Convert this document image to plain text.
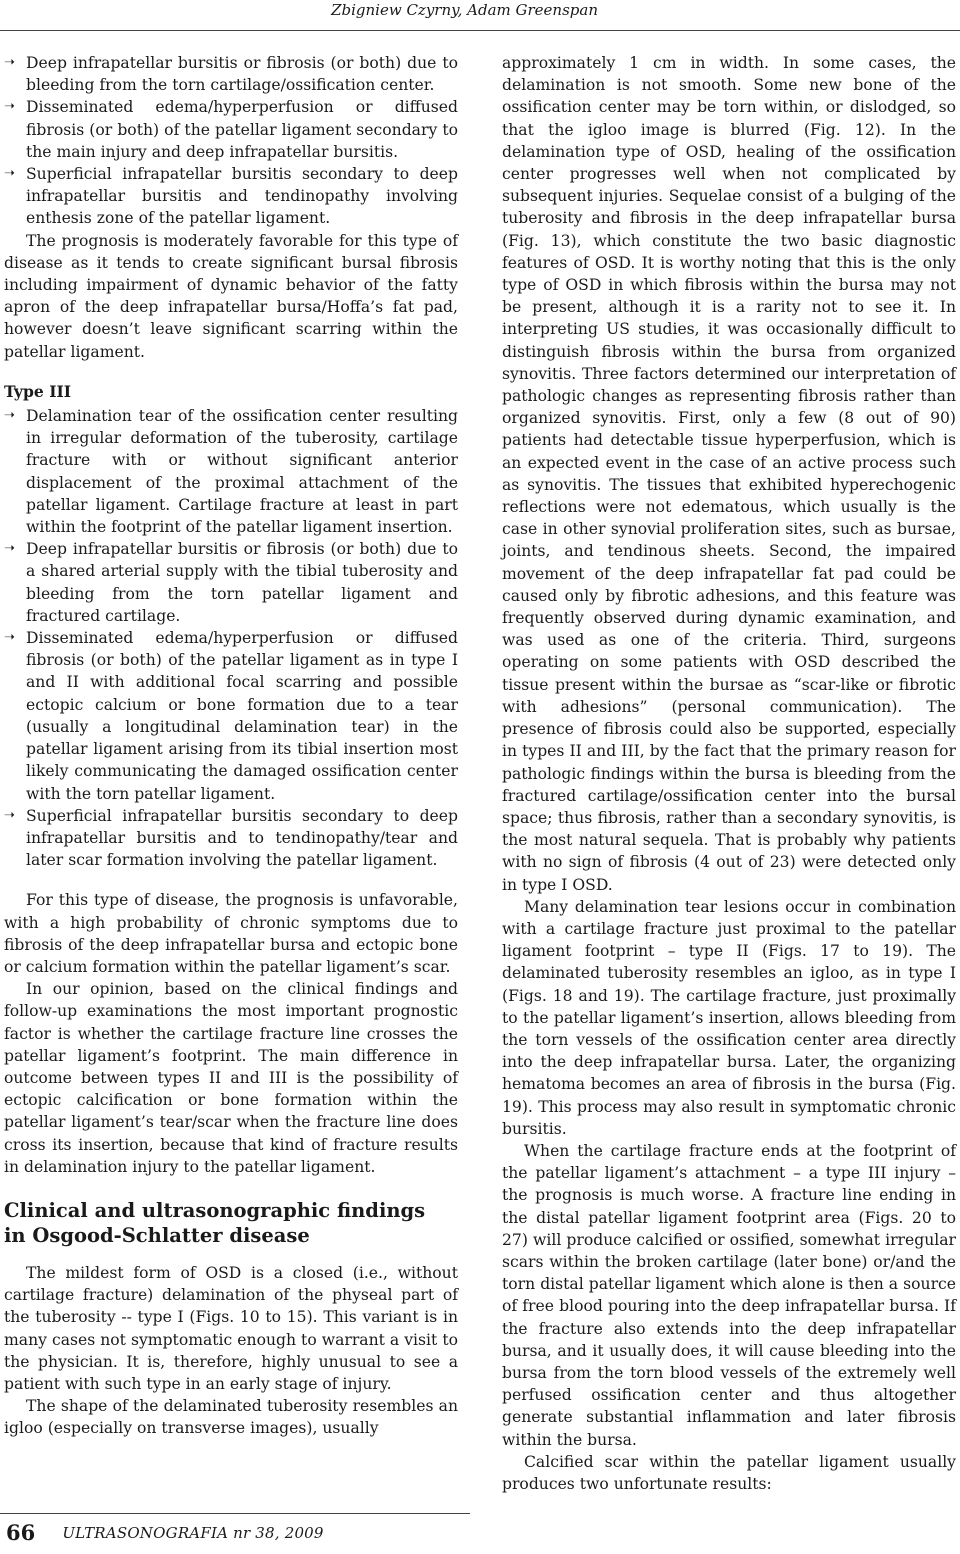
Zbigniew Czyrny, Adam Greenspan
➝ Deep infrapatellar bursitis or fibrosis (or both) due to bleeding from the torn cartilage/ossification center.
➝ Disseminated edema/hyperperfusion or diffused fibrosis (or both) of the patellar ligament secondary to the main injury and deep infrapatellar bursitis.
➝ Superficial infrapatellar bursitis secondary to deep infrapatellar bursitis and tendinopathy involving enthesis zone of the patellar ligament.

The prognosis is moderately favorable for this type of disease as it tends to create significant bursal fibrosis including impairment of dynamic behavior of the fatty apron of the deep infrapatellar bursa/Hoffa’s fat pad, however doesn’t leave significant scarring within the patellar ligament.

Type III
➝ Delamination tear of the ossification center resulting in irregular deformation of the tuberosity, cartilage fracture with or without significant anterior displacement of the proximal attachment of the patellar ligament. Cartilage fracture at least in part within the footprint of the patellar ligament insertion.
➝ Deep infrapatellar bursitis or fibrosis (or both) due to a shared arterial supply with the tibial tuberosity and bleeding from the torn patellar ligament and fractured cartilage.
➝ Disseminated edema/hyperperfusion or diffused fibrosis (or both) of the patellar ligament as in type I and II with additional focal scarring and possible ectopic calcium or bone formation due to a tear (usually a longitudinal delamination tear) in the patellar ligament arising from its tibial insertion most likely communicating the damaged ossification center with the torn patellar ligament.
➝ Superficial infrapatellar bursitis secondary to deep infrapatellar bursitis and to tendinopathy/tear and later scar formation involving the patellar ligament.

For this type of disease, the prognosis is unfavorable, with a high probability of chronic symptoms due to fibrosis of the deep infrapatellar bursa and ectopic bone or calcium formation within the patellar ligament’s scar.

In our opinion, based on the clinical findings and follow-up examinations the most important prognostic factor is whether the cartilage fracture line crosses the patellar ligament’s footprint. The main difference in outcome between types II and III is the possibility of ectopic calcification or bone formation within the patellar ligament’s tear/scar when the fracture line does cross its insertion, because that kind of fracture results in delamination injury to the patellar ligament.

Clinical and ultrasonographic findings
in Osgood-Schlatter disease

The mildest form of OSD is a closed (i.e., without cartilage fracture) delamination of the physeal part of the tuberosity -- type I (Figs. 10 to 15). This variant is in many cases not symptomatic enough to warrant a visit to the physician. It is, therefore, highly unusual to see a patient with such type in an early stage of injury.

The shape of the delaminated tuberosity resembles an igloo (especially on transverse images), usually

approximately 1 cm in width. In some cases, the delamination is not smooth. Some new bone of the ossification center may be torn within, or dislodged, so that the igloo image is blurred (Fig. 12). In the delamination type of OSD, healing of the ossification center progresses well when not complicated by subsequent injuries. Sequelae consist of a bulging of the tuberosity and fibrosis in the deep infrapatellar bursa (Fig. 13), which constitute the two basic diagnostic features of OSD. It is worthy noting that this is the only type of OSD in which fibrosis within the bursa may not be present, although it is a rarity not to see it. In interpreting US studies, it was occasionally difficult to distinguish fibrosis within the bursa from organized synovitis. Three factors determined our interpretation of pathologic changes as representing fibrosis rather than organized synovitis. First, only a few (8 out of 90) patients had detectable tissue hyperperfusion, which is an expected event in the case of an active process such as synovitis. The tissues that exhibited hyperechogenic reflections were not edematous, which usually is the case in other synovial proliferation sites, such as bursae, joints, and tendinous sheets. Second, the impaired movement of the deep infrapatellar fat pad could be caused only by fibrotic adhesions, and this feature was frequently observed during dynamic examination, and was used as one of the criteria. Third, surgeons operating on some patients with OSD described the tissue present within the bursae as “scar-like or fibrotic with adhesions” (personal communication). The presence of fibrosis could also be supported, especially in types II and III, by the fact that the primary reason for pathologic findings within the bursa is bleeding from the fractured cartilage/ossification center into the bursal space; thus fibrosis, rather than a secondary synovitis, is the most natural sequela. That is probably why patients with no sign of fibrosis (4 out of 23) were detected only in type I OSD.

Many delamination tear lesions occur in combination with a cartilage fracture just proximal to the patellar ligament footprint – type II (Figs. 17 to 19). The delaminated tuberosity resembles an igloo, as in type I (Figs. 18 and 19). The cartilage fracture, just proximally to the patellar ligament’s insertion, allows bleeding from the torn vessels of the ossification center area directly into the deep infrapatellar bursa. Later, the organizing hematoma becomes an area of fibrosis in the bursa (Fig. 19). This process may also result in symptomatic chronic bursitis.

When the cartilage fracture ends at the footprint of the patellar ligament’s attachment – a type III injury – the prognosis is much worse. A fracture line ending in the distal patellar ligament footprint area (Figs. 20 to 27) will produce calcified or ossified, somewhat irregular scars within the broken cartilage (later bone) or/and the torn distal patellar ligament which alone is then a source of free blood pouring into the deep infrapatellar bursa. If the fracture also extends into the deep infrapatellar bursa, and it usually does, it will cause bleeding into the bursa from the torn blood vessels of the extremely well perfused ossification center and thus altogether generate substantial inflammation and later fibrosis within the bursa.

Calcified scar within the patellar ligament usually produces two unfortunate results:

66 ULTRASONOGRAFIA nr 38, 2009
